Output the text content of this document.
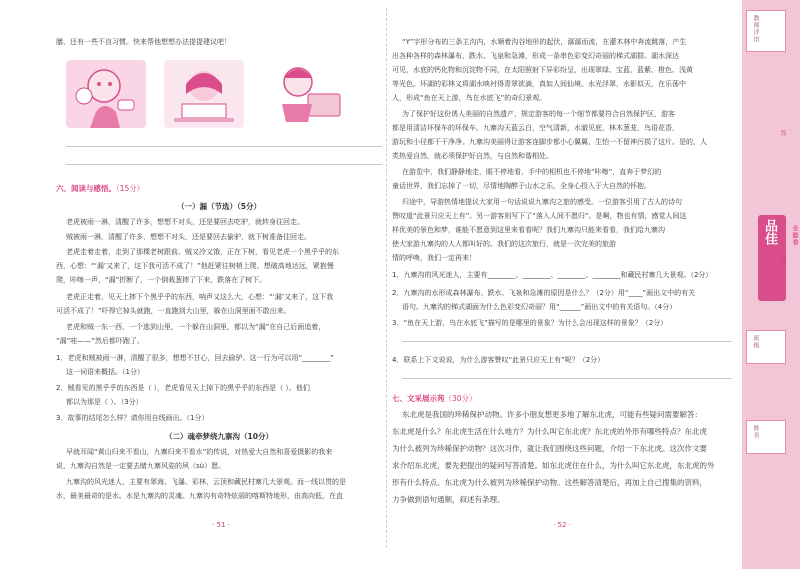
膳、还有一些不良习惯。快来帮他想想办法提提建议吧！
六、阅读与感悟。（15分）
（一）漏（节选）（5分）
老虎被雨一淋，清醒了许多，想想不对头，还是要回去吃驴，就转身往回走。
贼被雨一淋，清醒了许多，想想不对头，还是要回去偷驴，就下树准备往回走。
老虎走着走着，走到了那棵老树跟前。贼又冷又饿，正在下树，看见老虎一个黑乎乎的东
西，心想：“‘漏’又来了，这下我可活不成了！”他赶紧往树梢上爬，想破高地达远，紧抱慢
爬，咔嚓一声，“漏”折断了，一个倒栽葱摔了下来，跌落在了树下。
老虎正走着，见天上摔下个黑乎乎的东西，响声又这么大，心想：“‘漏’又来了，这下我
可活不成了！”吓得它掉头就跑，一直跑到大山里，躲在山洞里面不敢出来。
老虎和贼一东一西，一个逃到山里，一个躲在山洞里，都以为“漏”在自己后面追着，
“漏”哇——”然后都吓跑了。
1．老虎和贼被雨一淋，清醒了很多，想想不甘心，回去偷驴。这一行为可以用“________”
这一词语来概括。（1分）
2．贼看见的黑乎乎的东西是（ ），老虎看见天上掉下的黑乎乎的东西是（ ）。他们
都以为那是（ ）。（3分）
3．故事的结尾怎么样？请你用自线画出。（1分）
（二）魂牵梦绕九寨沟（10分）
早就耳闻“黄山归来不看山，九寨归来不看水”的传说，对热爱大自然和喜爱摄影的我来
说，九寨沟自然是一定要去睹九寨风姿的夙（sù）愿。
九寨沟的风光迷人，主要有翠海、飞瀑、彩林、云顶和藏民村寨几大景观。而一线以贯的是
水，最美最奇的是水。水是九寨沟的灵魂。九寨沟有奇特炫丽的喀斯特地形，由高向低，在直
· 51 ·
“Y”字形分布的三条主沟内，水顺着沟谷地形的起伏，潺潺而流，在灌木林中奔流跳落，产生
出各种各样的森林瀑布、跌水、飞泉和急滩，形成一条串色彩变幻奇丽的梯式湖群。湖水深达
可见，水底的钙化物和沉淀物不同，在太阳照射下异彩纷呈，出现翠绿、宝蓝、蓝紫、橙色、浅黄
等光色。坏湖的彩林又将湖水映衬得青翠欲滴，真如人间仙境。水光浮翠，水影似天，在乐荡中
人，形成“鱼在天上游，鸟在水底飞”的奇幻景观。
为了保护好这份诱人美丽的自然遗产，规定游客的每一个细节都要符合自然保护区，游客
都是用清洁环保车的环保车。九寨沟天蓝云白，空气清新，水澈见底，林木葱茏，鸟语花香，
游玩和小径都干干净净。九寨沟美丽得让游客连脚步都小心翼翼，生怕一不留神污损了这片。是的，人
类热爱自然，就必须保护好自然，与自然和谐相处。
在游览中，我们静静地走，眼不停地看，手中的相机也不停地“咔嚓”，直奔于梦幻的
童话世界，我们忘掉了一切，尽情地陶醉于山水之乐，全身心投入于大自然的怀抱。
归途中，导游热情地提议大家用一句话说说九寨沟之旅的感受。一位游客引用了古人的诗句
赞叹道“此景只应天上有”。另一游客则写下了“落入人间不愿归”。是啊，物也有情，感觉人间这
样优美的景色和梦，谁能不愿意到这里来看看呢？我们九寨沟只能来看看，我们给九寨沟
使大家游九寨沟的人人都叫好的。我们的这次旅行，就是一次完美的旅游
情的呼唤，我们一定再来！
1．九寨沟的风光迷人，主要有________、________、________、________和藏民村寨几大景观。（2分）
2．九寨沟的水形成森林瀑布、跌水、飞泉和急滩的原因是什么？（2分）用“____”画出文中的有关
语句。九寨沟的梯式湖面为什么色彩变幻奇丽？用“______”画出文中的有关语句。（4分）
3．“鱼在天上游，鸟在水底飞”描写的是哪里的景象？为什么会出现这样的景象？（2分）
4．联系上下文说说，为什么游客赞叹“此景只应天上有”呢？（2分）
七、文采展示苑（30分）
东北虎是我国的珍稀保护动物。许多小朋友想更多地了解东北虎，可能有些疑问需要解答：
东北虎是什么？东北虎生活在什么地方？为什么叫它东北虎？东北虎的外形有哪些特点？东北虎
为什么被列为珍稀保护动物？这次习作，就让我们围绕这些问题，介绍一下东北虎。这次作文要
求介绍东北虎，要先把提出的疑问写答清楚。如东北虎住在什么，为什么叫它东北虎，东北虎的外
形有什么特点。东北虎为什么被列为珍稀保护动物。这些解答清楚后，再加上自己搜集的资料，
力争做到语句通顺，叙述有条理。
· 52 ·
教师评语
答
品佳	全能卷
答
班级
姓名
